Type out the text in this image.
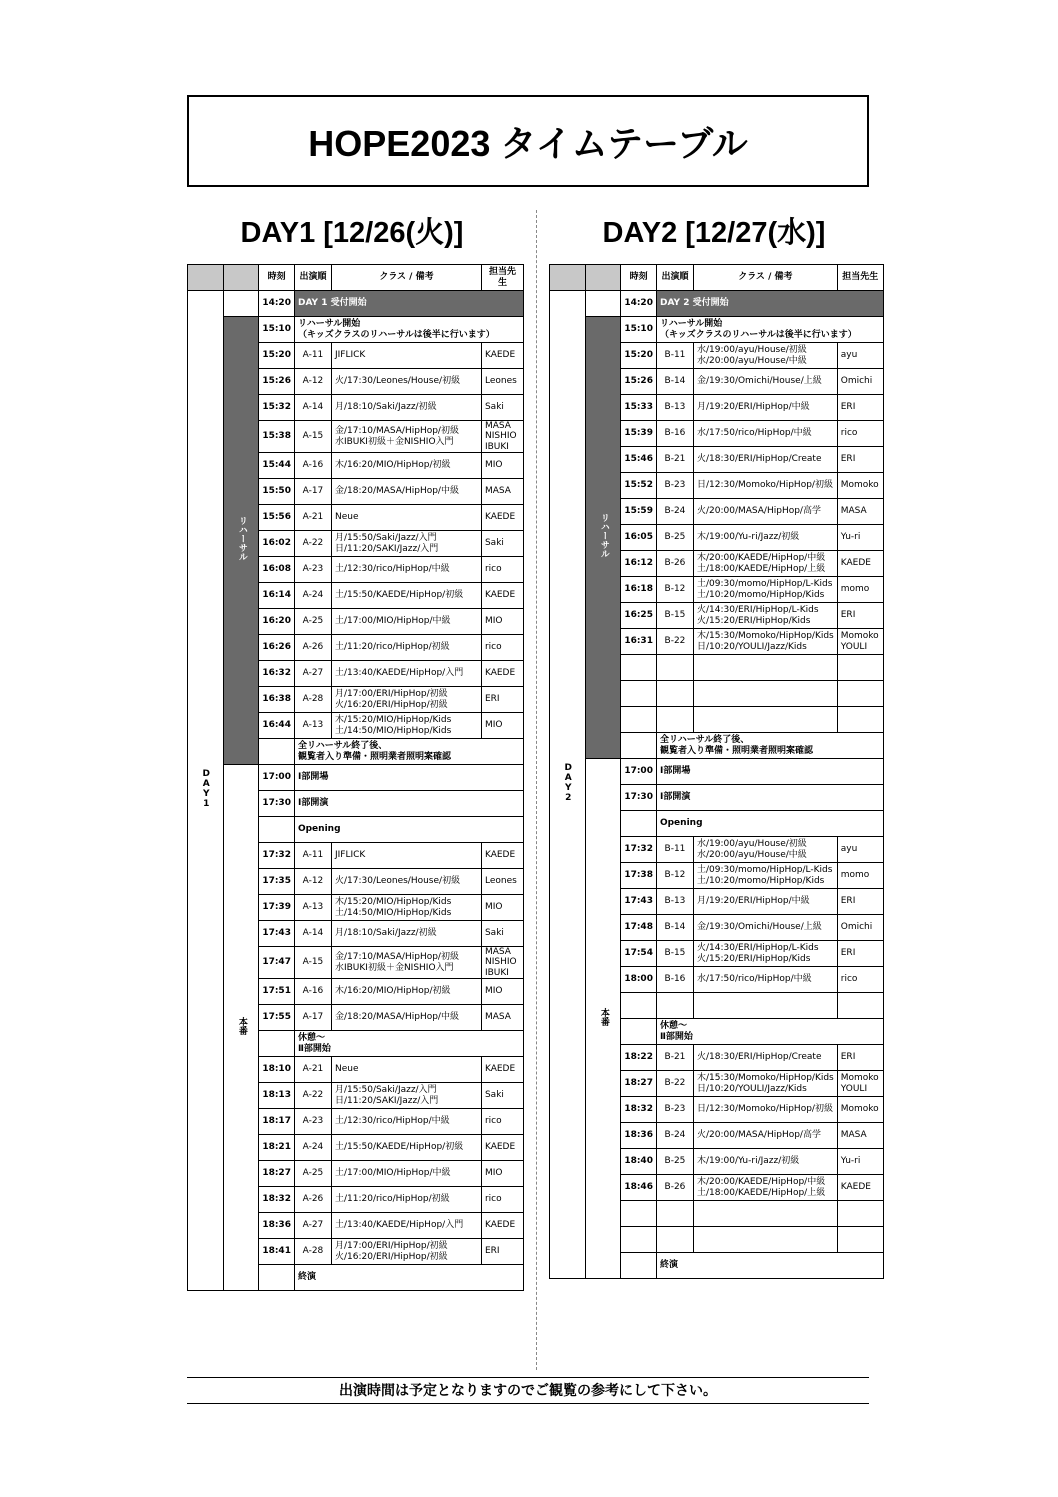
HOPE2023 タイムテーブル
DAY1 [12/26(火)]	DAY2 [12/27(水)]
		時刻	出演順	クラス / 備考	担当先生
DAY1		14:20	DAY 1 受付開始		
	リハーサル	15:10	リハーサル開始
（キッズクラスのリハーサルは後半に行います）		
		15:20	A-11	JIFLICK	KAEDE
		15:26	A-12	火/17:30/Leones/House/初級	Leones
		15:32	A-14	月/18:10/Saki/Jazz/初級	Saki
		15:38	A-15	金/17:10/MASA/HipHop/初級
水IBUKI初級＋金NISHIO入門	MASA
NISHIO
IBUKI
		15:44	A-16	木/16:20/MIO/HipHop/初級	MIO
		15:50	A-17	金/18:20/MASA/HipHop/中級	MASA
		15:56	A-21	Neue	KAEDE
		16:02	A-22	月/15:50/Saki/Jazz/入門
日/11:20/SAKI/Jazz/入門	Saki
		16:08	A-23	土/12:30/rico/HipHop/中級	rico
		16:14	A-24	土/15:50/KAEDE/HipHop/初級	KAEDE
		16:20	A-25	土/17:00/MIO/HipHop/中級	MIO
		16:26	A-26	土/11:20/rico/HipHop/初級	rico
		16:32	A-27	土/13:40/KAEDE/HipHop/入門	KAEDE
		16:38	A-28	月/17:00/ERI/HipHop/初級
火/16:20/ERI/HipHop/初級	ERI
		16:44	A-13	木/15:20/MIO/HipHop/Kids
土/14:50/MIO/HipHop/Kids	MIO
			全リハーサル終了後、
観覧者入り準備・照明業者照明案確認		
	本番	17:00	Ⅰ部開場		
		17:30	Ⅰ部開演		
			Opening		
		17:32	A-11	JIFLICK	KAEDE
		17:35	A-12	火/17:30/Leones/House/初級	Leones
		17:39	A-13	木/15:20/MIO/HipHop/Kids
土/14:50/MIO/HipHop/Kids	MIO
		17:43	A-14	月/18:10/Saki/Jazz/初級	Saki
		17:47	A-15	金/17:10/MASA/HipHop/初級
水IBUKI初級＋金NISHIO入門	MASA
NISHIO
IBUKI
		17:51	A-16	木/16:20/MIO/HipHop/初級	MIO
		17:55	A-17	金/18:20/MASA/HipHop/中級	MASA
			休憩～
Ⅱ部開始		
		18:10	A-21	Neue	KAEDE
		18:13	A-22	月/15:50/Saki/Jazz/入門
日/11:20/SAKI/Jazz/入門	Saki
		18:17	A-23	土/12:30/rico/HipHop/中級	rico
		18:21	A-24	土/15:50/KAEDE/HipHop/初級	KAEDE
		18:27	A-25	土/17:00/MIO/HipHop/中級	MIO
		18:32	A-26	土/11:20/rico/HipHop/初級	rico
		18:36	A-27	土/13:40/KAEDE/HipHop/入門	KAEDE
		18:41	A-28	月/17:00/ERI/HipHop/初級
火/16:20/ERI/HipHop/初級	ERI
			終演		
		時刻	出演順	クラス / 備考	担当先生
DAY2		14:20	DAY 2 受付開始		
	リハーサル	15:10	リハーサル開始
（キッズクラスのリハーサルは後半に行います）		
		15:20	B-11	水/19:00/ayu/House/初級
水/20:00/ayu/House/中級	ayu
		15:26	B-14	金/19:30/Omichi/House/上級	Omichi
		15:33	B-13	月/19:20/ERI/HipHop/中級	ERI
		15:39	B-16	水/17:50/rico/HipHop/中級	rico
		15:46	B-21	火/18:30/ERI/HipHop/Create	ERI
		15:52	B-23	日/12:30/Momoko/HipHop/初級	Momoko
		15:59	B-24	火/20:00/MASA/HipHop/高学	MASA
		16:05	B-25	木/19:00/Yu-ri/Jazz/初級	Yu-ri
		16:12	B-26	木/20:00/KAEDE/HipHop/中級
土/18:00/KAEDE/HipHop/上級	KAEDE
		16:18	B-12	土/09:30/momo/HipHop/L-Kids
土/10:20/momo/HipHop/Kids	momo
		16:25	B-15	火/14:30/ERI/HipHop/L-Kids
火/15:20/ERI/HipHop/Kids	ERI
		16:31	B-22	木/15:30/Momoko/HipHop/Kids
日/10:20/YOULI/Jazz/Kids	Momoko
YOULI

			全リハーサル終了後、
観覧者入り準備・照明業者照明案確認		
	本番	17:00	Ⅰ部開場		
		17:30	Ⅰ部開演		
			Opening		
		17:32	B-11	水/19:00/ayu/House/初級
水/20:00/ayu/House/中級	ayu
		17:38	B-12	土/09:30/momo/HipHop/L-Kids
土/10:20/momo/HipHop/Kids	momo
		17:43	B-13	月/19:20/ERI/HipHop/中級	ERI
		17:48	B-14	金/19:30/Omichi/House/上級	Omichi
		17:54	B-15	火/14:30/ERI/HipHop/L-Kids
火/15:20/ERI/HipHop/Kids	ERI
		18:00	B-16	水/17:50/rico/HipHop/中級	rico

			休憩～
Ⅱ部開始		
		18:22	B-21	火/18:30/ERI/HipHop/Create	ERI
		18:27	B-22	木/15:30/Momoko/HipHop/Kids
日/10:20/YOULI/Jazz/Kids	Momoko
YOULI
		18:32	B-23	日/12:30/Momoko/HipHop/初級	Momoko
		18:36	B-24	火/20:00/MASA/HipHop/高学	MASA
		18:40	B-25	木/19:00/Yu-ri/Jazz/初級	Yu-ri
		18:46	B-26	木/20:00/KAEDE/HipHop/中級
土/18:00/KAEDE/HipHop/上級	KAEDE

			終演		
出演時間は予定となりますのでご観覧の参考にして下さい。
